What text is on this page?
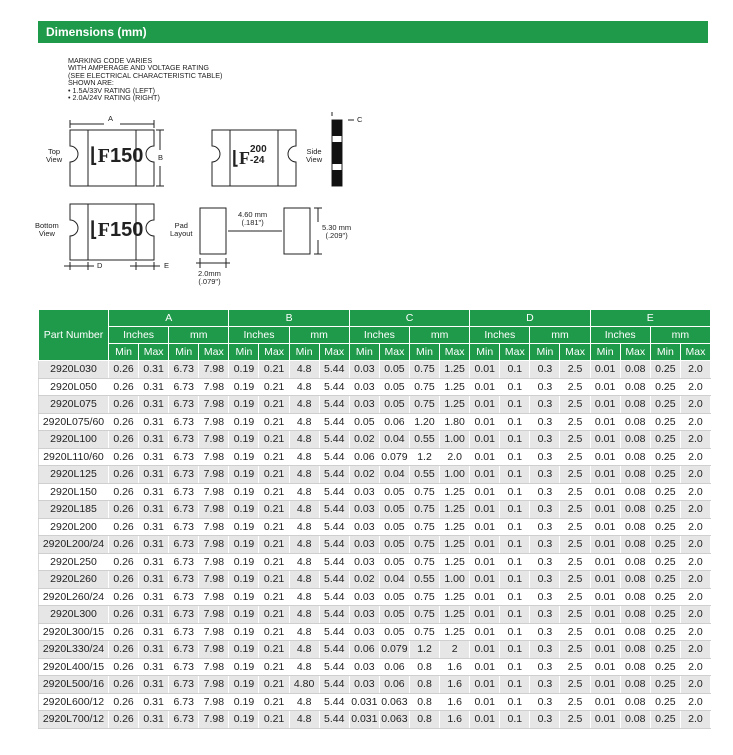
Dimensions (mm)
MARKING CODE VARIES
WITH AMPERAGE AND VOLTAGE RATING
(SEE ELECTRICAL CHARACTERISTIC TABLE)
SHOWN ARE:
• 1.5A/33V RATING (LEFT)
• 2.0A/24V RATING (RIGHT)
A
B
C
D	E
Top
View
Bottom
View
Side
View
Pad
Layout
⌊F150
⌊F150
⌊F 200
-24
4.60 mm
(.181")
5.30 mm
(.209")
2.0mm
(.079")
Part Number	A				B				C				D				E			
	Inches		mm		Inches		mm		Inches		mm		Inches		mm		Inches		mm	
	Min	Max	Min	Max	Min	Max	Min	Max	Min	Max	Min	Max	Min	Max	Min	Max	Min	Max	Min	Max
2920L030	0.26	0.31	6.73	7.98	0.19	0.21	4.8	5.44	0.03	0.05	0.75	1.25	0.01	0.1	0.3	2.5	0.01	0.08	0.25	2.0
2920L050	0.26	0.31	6.73	7.98	0.19	0.21	4.8	5.44	0.03	0.05	0.75	1.25	0.01	0.1	0.3	2.5	0.01	0.08	0.25	2.0
2920L075	0.26	0.31	6.73	7.98	0.19	0.21	4.8	5.44	0.03	0.05	0.75	1.25	0.01	0.1	0.3	2.5	0.01	0.08	0.25	2.0
2920L075/60	0.26	0.31	6.73	7.98	0.19	0.21	4.8	5.44	0.05	0.06	1.20	1.80	0.01	0.1	0.3	2.5	0.01	0.08	0.25	2.0
2920L100	0.26	0.31	6.73	7.98	0.19	0.21	4.8	5.44	0.02	0.04	0.55	1.00	0.01	0.1	0.3	2.5	0.01	0.08	0.25	2.0
2920L110/60	0.26	0.31	6.73	7.98	0.19	0.21	4.8	5.44	0.06	0.079	1.2	2.0	0.01	0.1	0.3	2.5	0.01	0.08	0.25	2.0
2920L125	0.26	0.31	6.73	7.98	0.19	0.21	4.8	5.44	0.02	0.04	0.55	1.00	0.01	0.1	0.3	2.5	0.01	0.08	0.25	2.0
2920L150	0.26	0.31	6.73	7.98	0.19	0.21	4.8	5.44	0.03	0.05	0.75	1.25	0.01	0.1	0.3	2.5	0.01	0.08	0.25	2.0
2920L185	0.26	0.31	6.73	7.98	0.19	0.21	4.8	5.44	0.03	0.05	0.75	1.25	0.01	0.1	0.3	2.5	0.01	0.08	0.25	2.0
2920L200	0.26	0.31	6.73	7.98	0.19	0.21	4.8	5.44	0.03	0.05	0.75	1.25	0.01	0.1	0.3	2.5	0.01	0.08	0.25	2.0
2920L200/24	0.26	0.31	6.73	7.98	0.19	0.21	4.8	5.44	0.03	0.05	0.75	1.25	0.01	0.1	0.3	2.5	0.01	0.08	0.25	2.0
2920L250	0.26	0.31	6.73	7.98	0.19	0.21	4.8	5.44	0.03	0.05	0.75	1.25	0.01	0.1	0.3	2.5	0.01	0.08	0.25	2.0
2920L260	0.26	0.31	6.73	7.98	0.19	0.21	4.8	5.44	0.02	0.04	0.55	1.00	0.01	0.1	0.3	2.5	0.01	0.08	0.25	2.0
2920L260/24	0.26	0.31	6.73	7.98	0.19	0.21	4.8	5.44	0.03	0.05	0.75	1.25	0.01	0.1	0.3	2.5	0.01	0.08	0.25	2.0
2920L300	0.26	0.31	6.73	7.98	0.19	0.21	4.8	5.44	0.03	0.05	0.75	1.25	0.01	0.1	0.3	2.5	0.01	0.08	0.25	2.0
2920L300/15	0.26	0.31	6.73	7.98	0.19	0.21	4.8	5.44	0.03	0.05	0.75	1.25	0.01	0.1	0.3	2.5	0.01	0.08	0.25	2.0
2920L330/24	0.26	0.31	6.73	7.98	0.19	0.21	4.8	5.44	0.06	0.079	1.2	2	0.01	0.1	0.3	2.5	0.01	0.08	0.25	2.0
2920L400/15	0.26	0.31	6.73	7.98	0.19	0.21	4.8	5.44	0.03	0.06	0.8	1.6	0.01	0.1	0.3	2.5	0.01	0.08	0.25	2.0
2920L500/16	0.26	0.31	6.73	7.98	0.19	0.21	4.80	5.44	0.03	0.06	0.8	1.6	0.01	0.1	0.3	2.5	0.01	0.08	0.25	2.0
2920L600/12	0.26	0.31	6.73	7.98	0.19	0.21	4.8	5.44	0.031	0.063	0.8	1.6	0.01	0.1	0.3	2.5	0.01	0.08	0.25	2.0
2920L700/12	0.26	0.31	6.73	7.98	0.19	0.21	4.8	5.44	0.031	0.063	0.8	1.6	0.01	0.1	0.3	2.5	0.01	0.08	0.25	2.0
